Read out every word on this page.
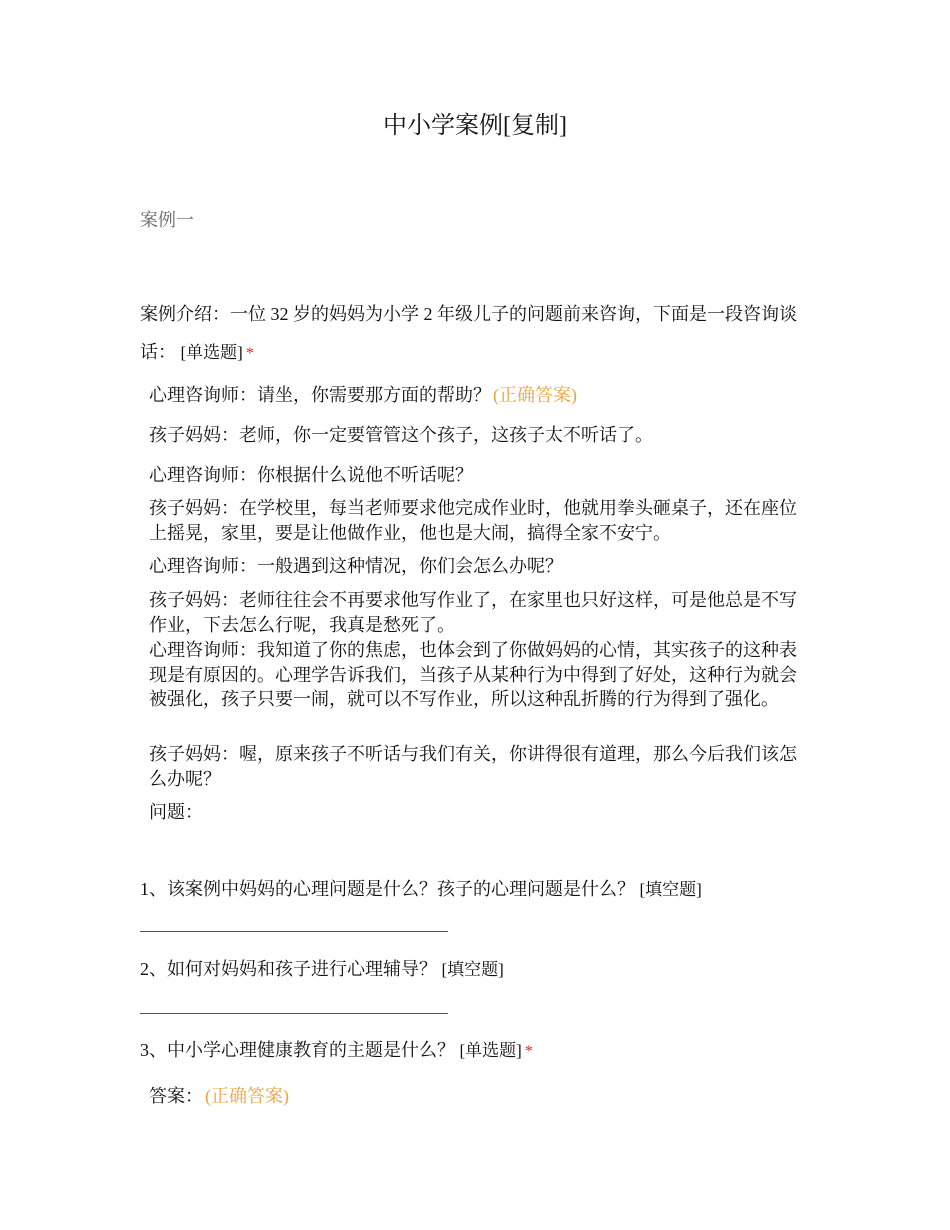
中小学案例[复制]
案例一
案例介绍：一位 32 岁的妈妈为小学 2 年级儿子的问题前来咨询，下面是一段咨询谈话： [单选题] *
心理咨询师：请坐，你需要那方面的帮助？ (正确答案)
孩子妈妈：老师，你一定要管管这个孩子，这孩子太不听话了。
心理咨询师：你根据什么说他不听话呢？
孩子妈妈：在学校里，每当老师要求他完成作业时，他就用拳头砸桌子，还在座位上摇晃，家里，要是让他做作业，他也是大闹，搞得全家不安宁。
心理咨询师：一般遇到这种情况，你们会怎么办呢？
孩子妈妈：老师往往会不再要求他写作业了，在家里也只好这样，可是他总是不写作业，下去怎么行呢，我真是愁死了。
心理咨询师：我知道了你的焦虑，也体会到了你做妈妈的心情，其实孩子的这种表现是有原因的。心理学告诉我们，当孩子从某种行为中得到了好处，这种行为就会被强化，孩子只要一闹，就可以不写作业，所以这种乱折腾的行为得到了强化。
孩子妈妈：喔，原来孩子不听话与我们有关，你讲得很有道理，那么今后我们该怎么办呢？
问题：
1、该案例中妈妈的心理问题是什么？孩子的心理问题是什么？ [填空题]
2、如何对妈妈和孩子进行心理辅导？ [填空题]
3、中小学心理健康教育的主题是什么？ [单选题] *
答案： (正确答案)
